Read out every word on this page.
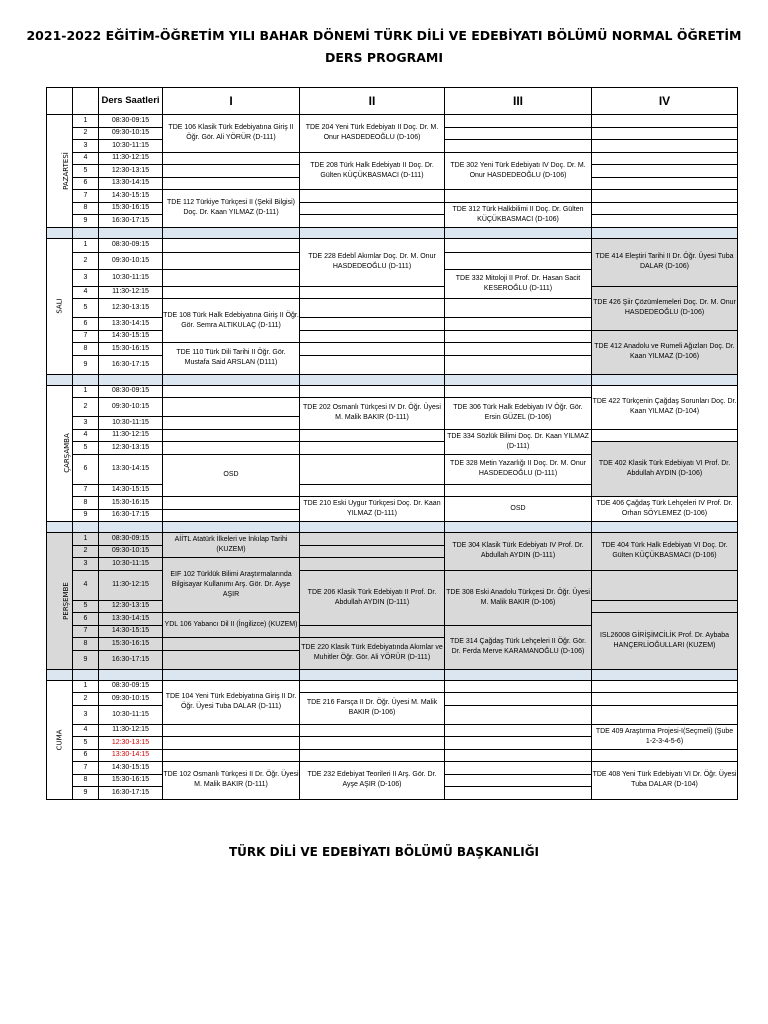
2021-2022 EĞİTİM-ÖĞRETİM YILI BAHAR DÖNEMİ TÜRK DİLİ VE EDEBİYATI BÖLÜMÜ NORMAL ÖĞRETİM
DERS PROGRAMI
		Ders Saatleri	I	II	III	IV
PAZARTESİ	1	08:30-09:15	TDE 106 Klasik Türk Edebiyatına Giriş II Öğr. Gör. Ali YÖRÜR (D-111)	TDE 204 Yeni Türk Edebiyatı II Doç. Dr. M. Onur HASDEDEOĞLU (D-106)		
	2	09:30-10:15				
	3	10:30-11:15				
	4	11:30-12:15		TDE 208 Türk Halk Edebiyatı II Doç. Dr. Gülten KÜÇÜKBASMACI (D-111)	TDE 302 Yeni Türk Edebiyatı IV Doç. Dr. M. Onur HASDEDEOĞLU (D-106)	
	5	12:30-13:15				
	6	13:30-14:15				
	7	14:30-15:15	TDE 112 Türkiye Türkçesi II (Şekil Bilgisi) Doç. Dr. Kaan YILMAZ (D-111)			
	8	15:30-16:15			TDE 312 Türk Halkbilimi II Doç. Dr. Gülten KÜÇÜKBASMACI (D-106)	
	9	16:30-17:15				

SALI	1	08:30-09:15		TDE 228 Edebî Akımlar Doç. Dr. M. Onur HASDEDEOĞLU (D-111)		TDE 414 Eleştiri Tarihi II Dr. Öğr. Üyesi Tuba DALAR (D-106)
	2	09:30-10:15				
	3	10:30-11:15			TDE 332 Mitoloji II Prof. Dr. Hasan Sacit KESEROĞLU (D-111)	
	4	11:30-12:15				TDE 426 Şiir Çözümlemeleri Doç. Dr. M. Onur HASDEDEOĞLU (D-106)
	5	12:30-13:15	TDE 108 Türk Halk Edebiyatına Giriş II Öğr. Gör. Semra ALTIKULAÇ (D-111)			
	6	13:30-14:15				
	7	14:30-15:15				TDE 412 Anadolu ve Rumeli Ağızları Doç. Dr. Kaan YILMAZ (D-106)
	8	15:30-16:15	TDE 110 Türk Dili Tarihi II Öğr. Gör. Mustafa Said ARSLAN (D111)			
	9	16:30-17:15				

ÇARŞAMBA	1	08:30-09:15				TDE 422 Türkçenin Çağdaş Sorunları Doç. Dr. Kaan YILMAZ (D-104)
	2	09:30-10:15		TDE 202 Osmanlı Türkçesi IV Dr. Öğr. Üyesi M. Malik BAKIR (D-111)	TDE 306 Türk Halk Edebiyatı IV Öğr. Gör. Ersin GÜZEL (D-106)	
	3	10:30-11:15				
	4	11:30-12:15			TDE 334 Sözlük Bilimi Doç. Dr. Kaan YILMAZ (D-111)	
	5	12:30-13:15				TDE 402 Klasik Türk Edebiyatı VI Prof. Dr. Abdullah AYDIN (D-106)
	6	13:30-14:15	OSD		TDE 328 Metin Yazarlığı II Doç. Dr. M. Onur HASDEDEOĞLU (D-111)	
	7	14:30-15:15				
	8	15:30-16:15		TDE 210 Eski Uygur Türkçesi Doç. Dr. Kaan YILMAZ (D-111)	OSD	TDE 406 Çağdaş Türk Lehçeleri IV Prof. Dr. Orhan SÖYLEMEZ (D-106)
	9	16:30-17:15				

PERŞEMBE	1	08:30-09:15	AİİTL Atatürk İlkeleri ve İnkılap Tarihi (KUZEM)		TDE 304 Klasik Türk Edebiyatı IV Prof. Dr. Abdullah AYDIN (D-111)	TDE 404 Türk Halk Edebiyatı VI Doç. Dr. Gülten KÜÇÜKBASMACI (D-106)
	2	09:30-10:15				
	3	10:30-11:15	EIF 102 Türklük Bilimi Araştırmalarında Bilgisayar Kullanımı Arş. Gör. Dr. Ayşe AŞIR			
	4	11:30-12:15		TDE 206 Klasik Türk Edebiyatı II Prof. Dr. Abdullah AYDIN (D-111)	TDE 308 Eski Anadolu Türkçesi Dr. Öğr. Üyesi M. Malik BAKIR (D-106)	
	5	12:30-13:15				
	6	13:30-14:15	YDL 106 Yabancı Dil II (İngilizce) (KUZEM)			ISL26008 GİRİŞİMCİLİK Prof. Dr. Aybaba HANÇERLİOĞULLARI (KUZEM)
	7	14:30-15:15			TDE 314 Çağdaş Türk Lehçeleri II Öğr. Gör. Dr. Ferda Merve KARAMANOĞLU (D-106)	
	8	15:30-16:15		TDE 220 Klasik Türk Edebiyatında Akımlar ve Muhitler Öğr. Gör. Ali YÖRÜR (D-111)		
	9	16:30-17:15				

CUMA	1	08:30-09:15	TDE 104 Yeni Türk Edebiyatına Giriş II Dr. Öğr. Üyesi Tuba DALAR (D-111)			
	2	09:30-10:15		TDE 216 Farsça II Dr. Öğr. Üyesi M. Malik BAKIR (D-106)		
	3	10:30-11:15				
	4	11:30-12:15				TDE 409 Araştırma Projesi-I(Seçmeli) (Şube 1-2-3-4-5-6)
	5	12:30-13:15				
	6	13:30-14:15				
	7	14:30-15:15	TDE 102 Osmanlı Türkçesi II Dr. Öğr. Üyesi M. Malik BAKIR (D-111)	TDE 232 Edebiyat Teorileri II Arş. Gör. Dr. Ayşe AŞIR (D-106)		TDE 408 Yeni Türk Edebiyatı VI Dr. Öğr. Üyesi Tuba DALAR (D-104)
	8	15:30-16:15				
	9	16:30-17:15				
TÜRK DİLİ VE EDEBİYATI BÖLÜMÜ BAŞKANLIĞI
